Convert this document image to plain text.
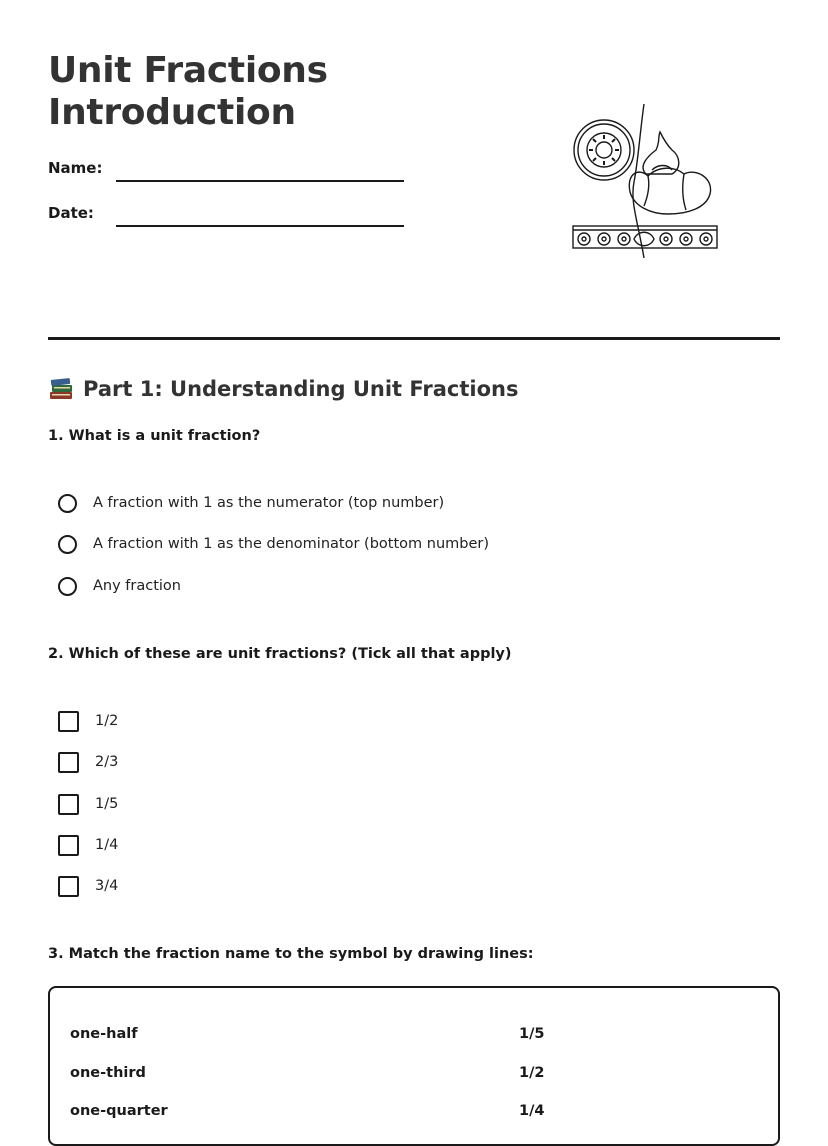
Unit Fractions
Introduction
Name:
Date:
Part 1: Understanding Unit Fractions

1. What is a unit fraction?

A fraction with 1 as the numerator (top number)
A fraction with 1 as the denominator (bottom number)
Any fraction

2. Which of these are unit fractions? (Tick all that apply)

1/2
2/3
1/5
1/4
3/4

3. Match the fraction name to the symbol by drawing lines:

one-half	1/5
one-third	1/2
one-quarter	1/4
